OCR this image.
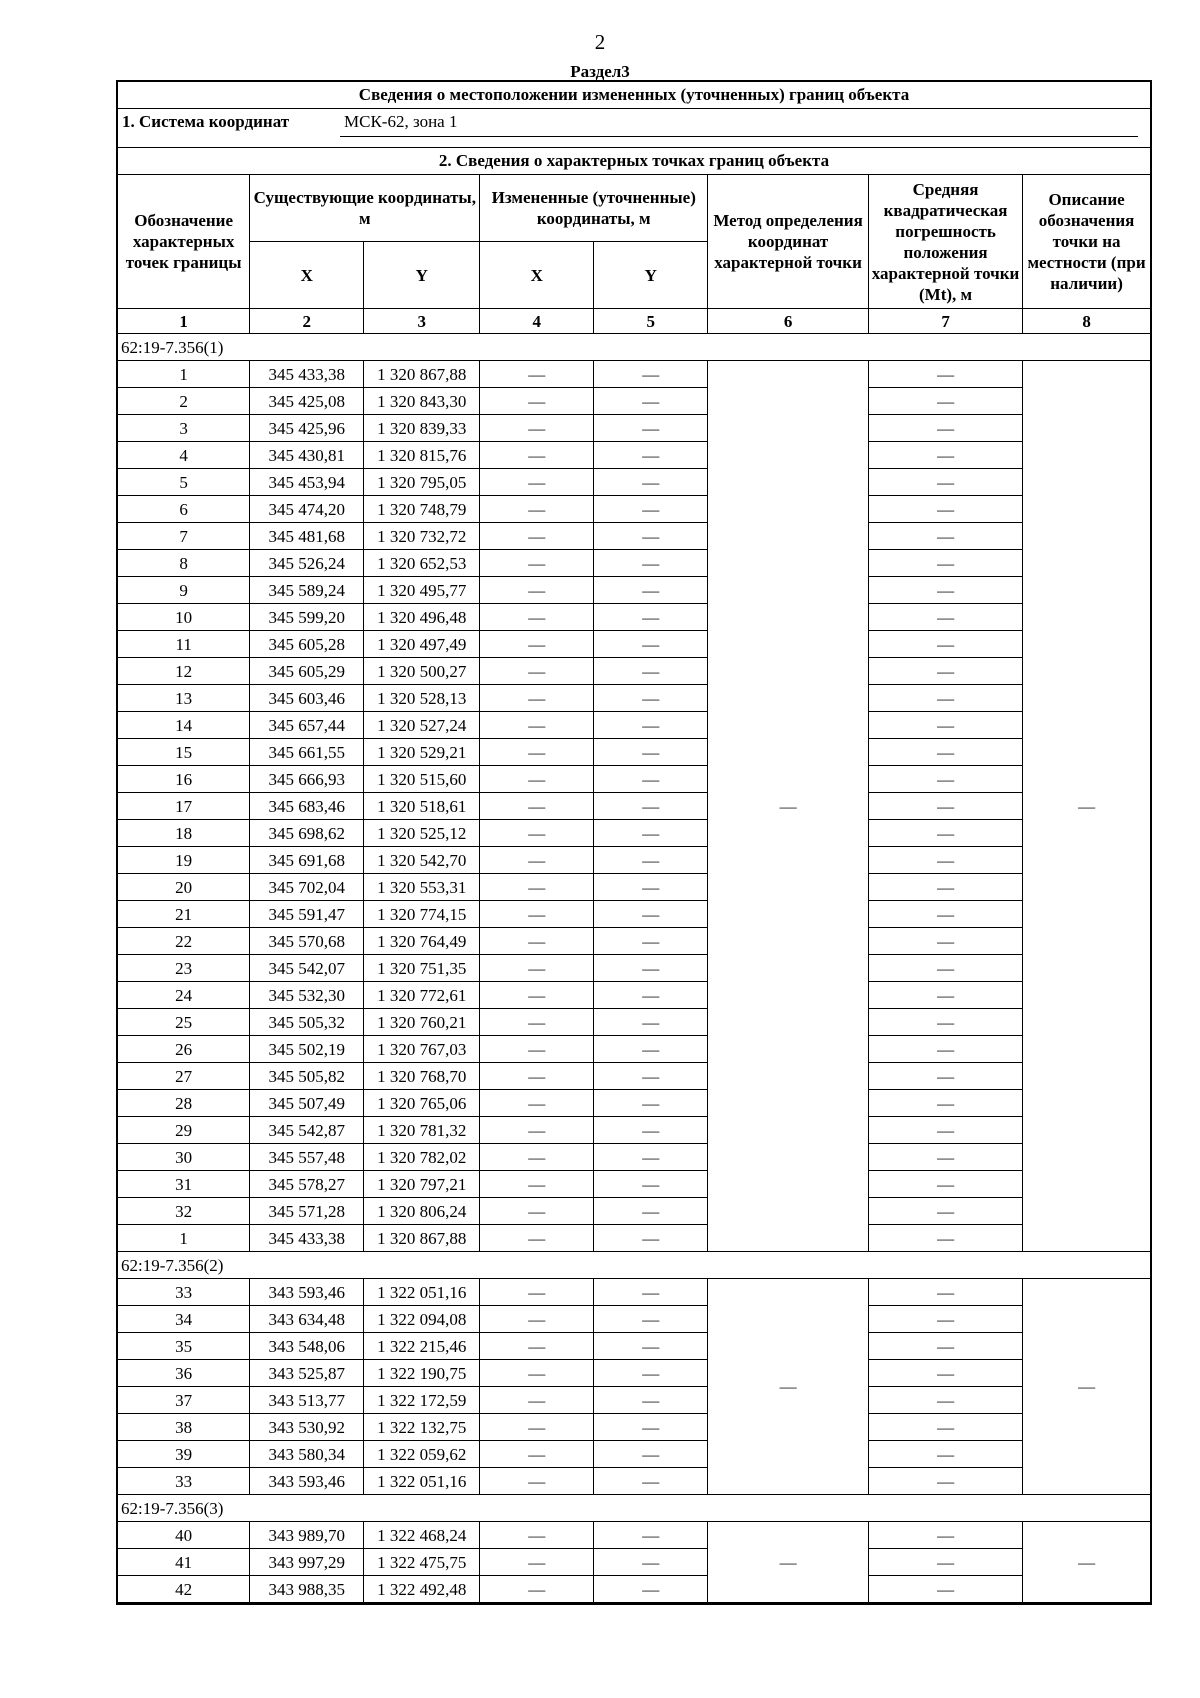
2
Раздел3
Сведения о местоположении измененных (уточненных) границ объекта
1. Система координат	МСК-62, зона 1
2. Сведения о характерных точках границ объекта
Обозначение характерных точек границы	Существующие координаты, м		Измененные (уточненные) координаты, м		Метод определения координат характерной точки	Средняя квадратическая погрешность положения характерной точки (Mt), м	Описание обозначения точки на местности (при наличии)
	X	Y	X	Y			
1	2	3	4	5	6	7	8
62:19-7.356(1)							
1	345 433,38	1 320 867,88	—	—	—	—	—
2	345 425,08	1 320 843,30	—	—		—	
3	345 425,96	1 320 839,33	—	—		—	
4	345 430,81	1 320 815,76	—	—		—	
5	345 453,94	1 320 795,05	—	—		—	
6	345 474,20	1 320 748,79	—	—		—	
7	345 481,68	1 320 732,72	—	—		—	
8	345 526,24	1 320 652,53	—	—		—	
9	345 589,24	1 320 495,77	—	—		—	
10	345 599,20	1 320 496,48	—	—		—	
11	345 605,28	1 320 497,49	—	—		—	
12	345 605,29	1 320 500,27	—	—		—	
13	345 603,46	1 320 528,13	—	—		—	
14	345 657,44	1 320 527,24	—	—		—	
15	345 661,55	1 320 529,21	—	—		—	
16	345 666,93	1 320 515,60	—	—		—	
17	345 683,46	1 320 518,61	—	—		—	
18	345 698,62	1 320 525,12	—	—		—	
19	345 691,68	1 320 542,70	—	—		—	
20	345 702,04	1 320 553,31	—	—		—	
21	345 591,47	1 320 774,15	—	—		—	
22	345 570,68	1 320 764,49	—	—		—	
23	345 542,07	1 320 751,35	—	—		—	
24	345 532,30	1 320 772,61	—	—		—	
25	345 505,32	1 320 760,21	—	—		—	
26	345 502,19	1 320 767,03	—	—		—	
27	345 505,82	1 320 768,70	—	—		—	
28	345 507,49	1 320 765,06	—	—		—	
29	345 542,87	1 320 781,32	—	—		—	
30	345 557,48	1 320 782,02	—	—		—	
31	345 578,27	1 320 797,21	—	—		—	
32	345 571,28	1 320 806,24	—	—		—	
1	345 433,38	1 320 867,88	—	—		—	
62:19-7.356(2)							
33	343 593,46	1 322 051,16	—	—	—	—	—
34	343 634,48	1 322 094,08	—	—		—	
35	343 548,06	1 322 215,46	—	—		—	
36	343 525,87	1 322 190,75	—	—		—	
37	343 513,77	1 322 172,59	—	—		—	
38	343 530,92	1 322 132,75	—	—		—	
39	343 580,34	1 322 059,62	—	—		—	
33	343 593,46	1 322 051,16	—	—		—	
62:19-7.356(3)							
40	343 989,70	1 322 468,24	—	—	—	—	—
41	343 997,29	1 322 475,75	—	—		—	
42	343 988,35	1 322 492,48	—	—		—	
